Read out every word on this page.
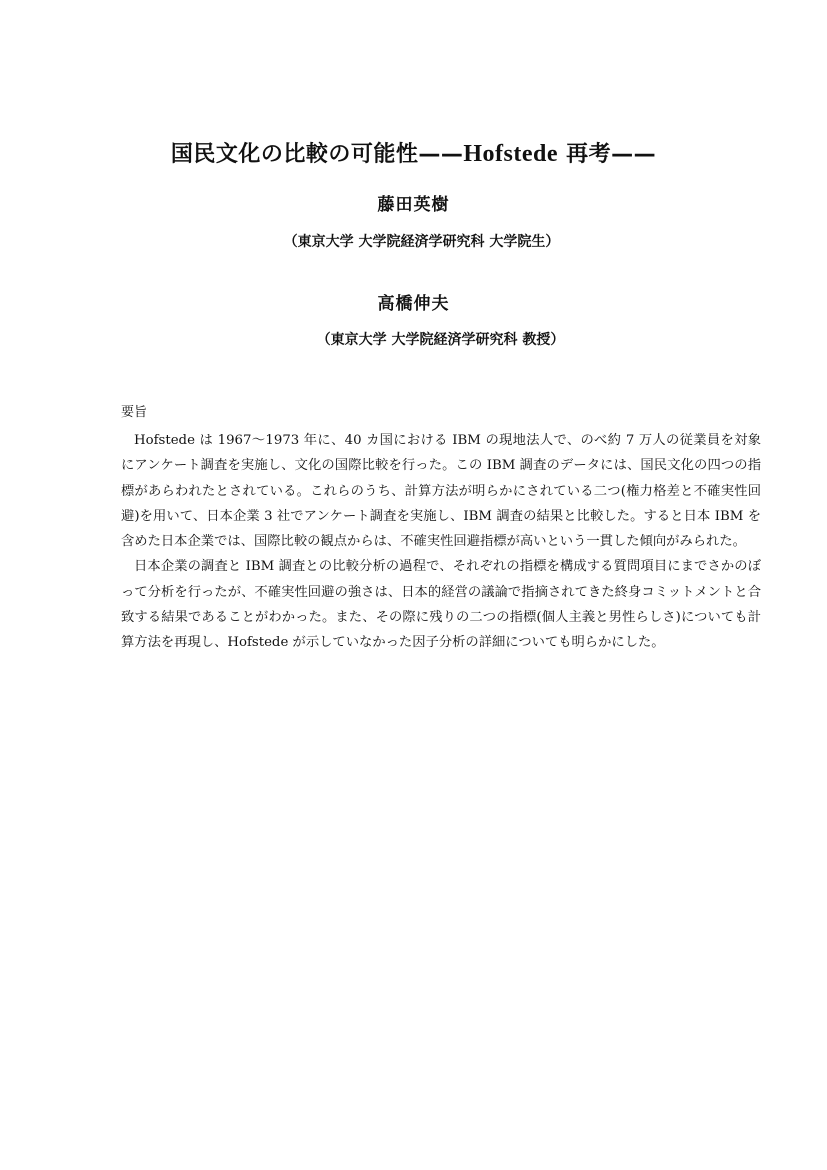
国民文化の比較の可能性——Hofstede 再考——
藤田英樹
（東京大学 大学院経済学研究科 大学院生）
高橋伸夫
（東京大学 大学院経済学研究科 教授）
要旨

Hofstede は 1967～1973 年に、40 カ国における IBM の現地法人で、のべ約 7 万人の従業員を対象にアンケート調査を実施し、文化の国際比較を行った。この IBM 調査のデータには、国民文化の四つの指標があらわれたとされている。これらのうち、計算方法が明らかにされている二つ(権力格差と不確実性回避)を用いて、日本企業 3 社でアンケート調査を実施し、IBM 調査の結果と比較した。すると日本 IBM を含めた日本企業では、国際比較の観点からは、不確実性回避指標が高いという一貫した傾向がみられた。

日本企業の調査と IBM 調査との比較分析の過程で、それぞれの指標を構成する質問項目にまでさかのぼって分析を行ったが、不確実性回避の強さは、日本的経営の議論で指摘されてきた終身コミットメントと合致する結果であることがわかった。また、その際に残りの二つの指標(個人主義と男性らしさ)についても計算方法を再現し、Hofstede が示していなかった因子分析の詳細についても明らかにした。
